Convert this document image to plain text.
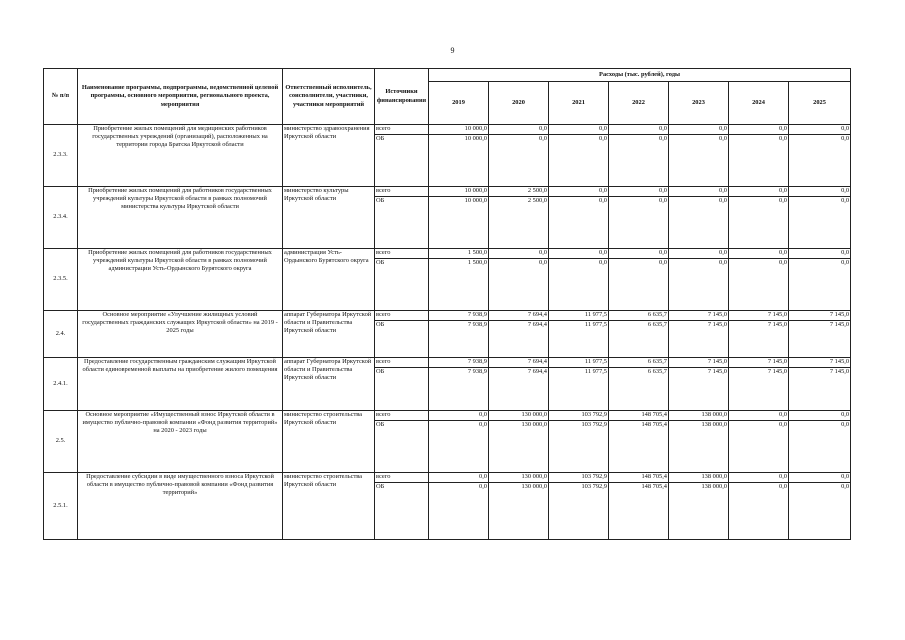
9
№ п/п	Наименование программы, подпрограммы, ведомственной целевой программы, основного мероприятия, регионального проекта, мероприятия	Ответственный исполнитель, соисполнители, участники, участники мероприятий	Источники финансирования	Расходы (тыс. рублей), годы						
				2019	2020	2021	2022	2023	2024	2025
2.3.3.	Приобретение жилых помещений для медицинских работников государственных учреждений (организаций), расположенных на территории города Братска Иркутской области	министерство здравоохранения Иркутской области	всего	10 000,0	0,0	0,0	0,0	0,0	0,0	0,0
			ОБ	10 000,0	0,0	0,0	0,0	0,0	0,0	0,0
2.3.4.	Приобретение жилых помещений для работников государственных учреждений культуры Иркутской области в рамках полномочий министерства культуры Иркутской области	министерство культуры Иркутской области	всего	10 000,0	2 500,0	0,0	0,0	0,0	0,0	0,0
			ОБ	10 000,0	2 500,0	0,0	0,0	0,0	0,0	0,0
2.3.5.	Приобретение жилых помещений для работников государственных учреждений культуры Иркутской области в рамках полномочий администрации Усть-Ордынского Бурятского округа	администрация Усть-Ордынского Бурятского округа	всего	1 500,0	0,0	0,0	0,0	0,0	0,0	0,0
			ОБ	1 500,0	0,0	0,0	0,0	0,0	0,0	0,0
2.4.	Основное мероприятие «Улучшение жилищных условий государственных гражданских служащих Иркутской области» на 2019 - 2025 годы	аппарат Губернатора Иркутской области и Правительства Иркутской области	всего	7 938,9	7 694,4	11 977,5	6 635,7	7 145,0	7 145,0	7 145,0
			ОБ	7 938,9	7 694,4	11 977,5	6 635,7	7 145,0	7 145,0	7 145,0
2.4.1.	Предоставление государственным гражданским служащим Иркутской области единовременной выплаты на приобретение жилого помещения	аппарат Губернатора Иркутской области и Правительства Иркутской области	всего	7 938,9	7 694,4	11 977,5	6 635,7	7 145,0	7 145,0	7 145,0
			ОБ	7 938,9	7 694,4	11 977,5	6 635,7	7 145,0	7 145,0	7 145,0
2.5.	Основное мероприятие «Имущественный взнос Иркутской области в имущество публично-правовой компании «Фонд развития территорий» на 2020 - 2023 годы	министерство строительства Иркутской области	всего	0,0	130 000,0	103 792,9	148 705,4	138 000,0	0,0	0,0
			ОБ	0,0	130 000,0	103 792,9	148 705,4	138 000,0	0,0	0,0
2.5.1.	Предоставление субсидии в виде имущественного взноса Иркутской области в имущество публично-правовой компании «Фонд развития территорий»	министерство строительства Иркутской области	всего	0,0	130 000,0	103 792,9	148 705,4	138 000,0	0,0	0,0
			ОБ	0,0	130 000,0	103 792,9	148 705,4	138 000,0	0,0	0,0
